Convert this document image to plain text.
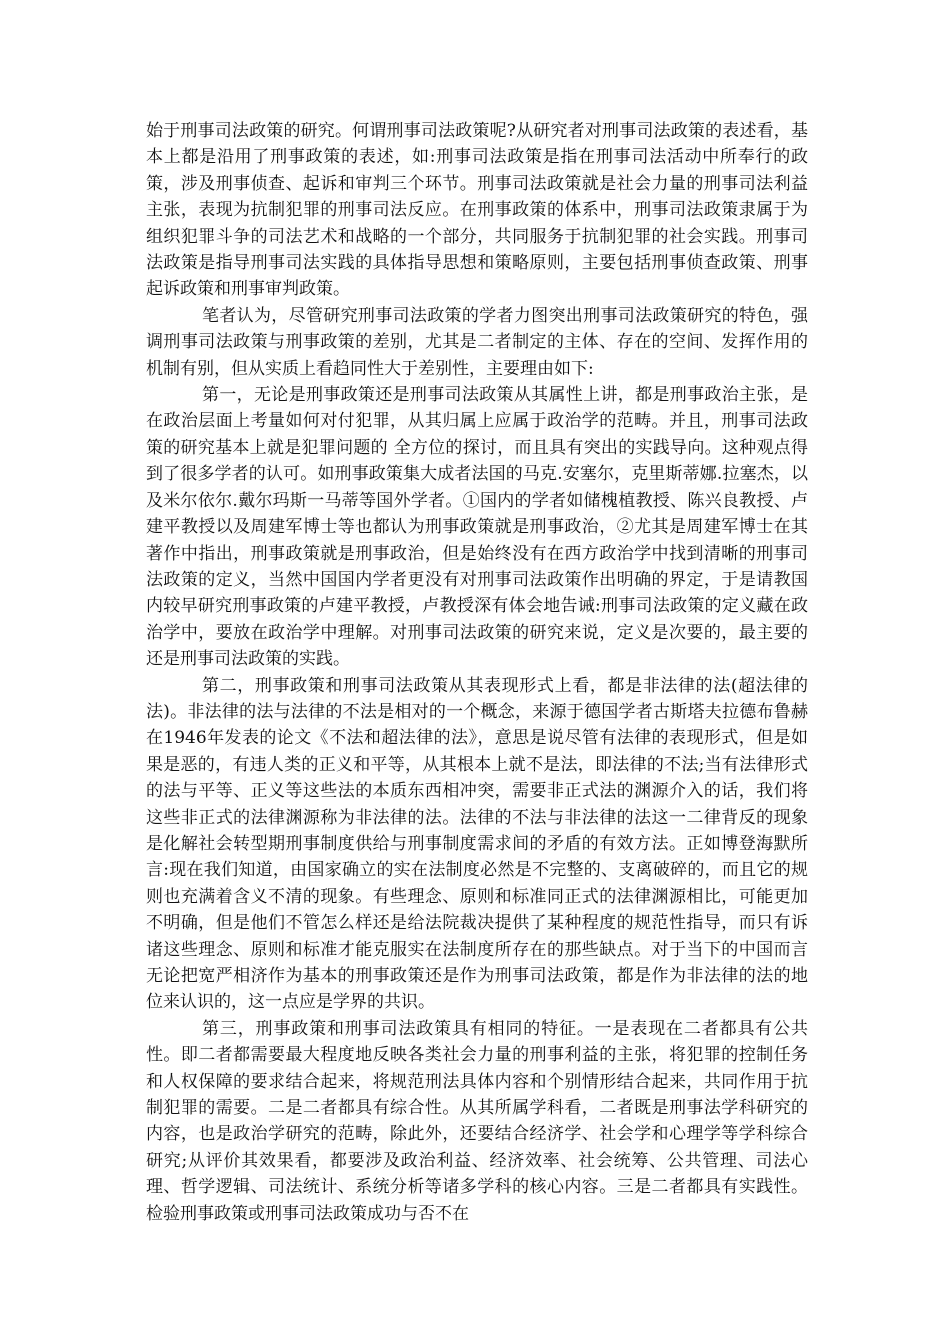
始于刑事司法政策的研究。何谓刑事司法政策呢?从研究者对刑事司法政策的表述看，基本上都是沿用了刑事政策的表述，如:刑事司法政策是指在刑事司法活动中所奉行的政策，涉及刑事侦查、起诉和审判三个环节。刑事司法政策就是社会力量的刑事司法利益主张，表现为抗制犯罪的刑事司法反应。在刑事政策的体系中，刑事司法政策隶属于为组织犯罪斗争的司法艺术和战略的一个部分，共同服务于抗制犯罪的社会实践。刑事司法政策是指导刑事司法实践的具体指导思想和策略原则，主要包括刑事侦查政策、刑事起诉政策和刑事审判政策。

笔者认为，尽管研究刑事司法政策的学者力图突出刑事司法政策研究的特色，强调刑事司法政策与刑事政策的差别，尤其是二者制定的主体、存在的空间、发挥作用的机制有别，但从实质上看趋同性大于差别性，主要理由如下:

第一，无论是刑事政策还是刑事司法政策从其属性上讲，都是刑事政治主张，是在政治层面上考量如何对付犯罪，从其归属上应属于政治学的范畴。并且，刑事司法政策的研究基本上就是犯罪问题的 全方位的探讨，而且具有突出的实践导向。这种观点得到了很多学者的认可。如刑事政策集大成者法国的马克.安塞尔，克里斯蒂娜.拉塞杰，以及米尔依尔.戴尔玛斯一马蒂等国外学者。①国内的学者如储槐植教授、陈兴良教授、卢建平教授以及周建军博士等也都认为刑事政策就是刑事政治，②尤其是周建军博士在其著作中指出，刑事政策就是刑事政治，但是始终没有在西方政治学中找到清晰的刑事司法政策的定义，当然中国国内学者更没有对刑事司法政策作出明确的界定，于是请教国内较早研究刑事政策的卢建平教授，卢教授深有体会地告诫:刑事司法政策的定义藏在政治学中，要放在政治学中理解。对刑事司法政策的研究来说，定义是次要的，最主要的还是刑事司法政策的实践。

第二，刑事政策和刑事司法政策从其表现形式上看，都是非法律的法(超法律的法)。非法律的法与法律的不法是相对的一个概念，来源于德国学者古斯塔夫拉德布鲁赫在1946年发表的论文《不法和超法律的法》，意思是说尽管有法律的表现形式，但是如果是恶的，有违人类的正义和平等，从其根本上就不是法，即法律的不法;当有法律形式的法与平等、正义等这些法的本质东西相冲突，需要非正式法的渊源介入的话，我们将这些非正式的法律渊源称为非法律的法。法律的不法与非法律的法这一二律背反的现象是化解社会转型期刑事制度供给与刑事制度需求间的矛盾的有效方法。正如博登海默所言:现在我们知道，由国家确立的实在法制度必然是不完整的、支离破碎的，而且它的规则也充满着含义不清的现象。有些理念、原则和标准同正式的法律渊源相比，可能更加不明确，但是他们不管怎么样还是给法院裁决提供了某种程度的规范性指导，而只有诉诸这些理念、原则和标准才能克服实在法制度所存在的那些缺点。对于当下的中国而言无论把宽严相济作为基本的刑事政策还是作为刑事司法政策，都是作为非法律的法的地位来认识的，这一点应是学界的共识。

第三，刑事政策和刑事司法政策具有相同的特征。一是表现在二者都具有公共性。即二者都需要最大程度地反映各类社会力量的刑事利益的主张，将犯罪的控制任务和人权保障的要求结合起来，将规范刑法具体内容和个别情形结合起来，共同作用于抗制犯罪的需要。二是二者都具有综合性。从其所属学科看，二者既是刑事法学科研究的内容，也是政治学研究的范畴，除此外，还要结合经济学、社会学和心理学等学科综合研究;从评价其效果看，都要涉及政治利益、经济效率、社会统筹、公共管理、司法心理、哲学逻辑、司法统计、系统分析等诸多学科的核心内容。三是二者都具有实践性。检验刑事政策或刑事司法政策成功与否不在
